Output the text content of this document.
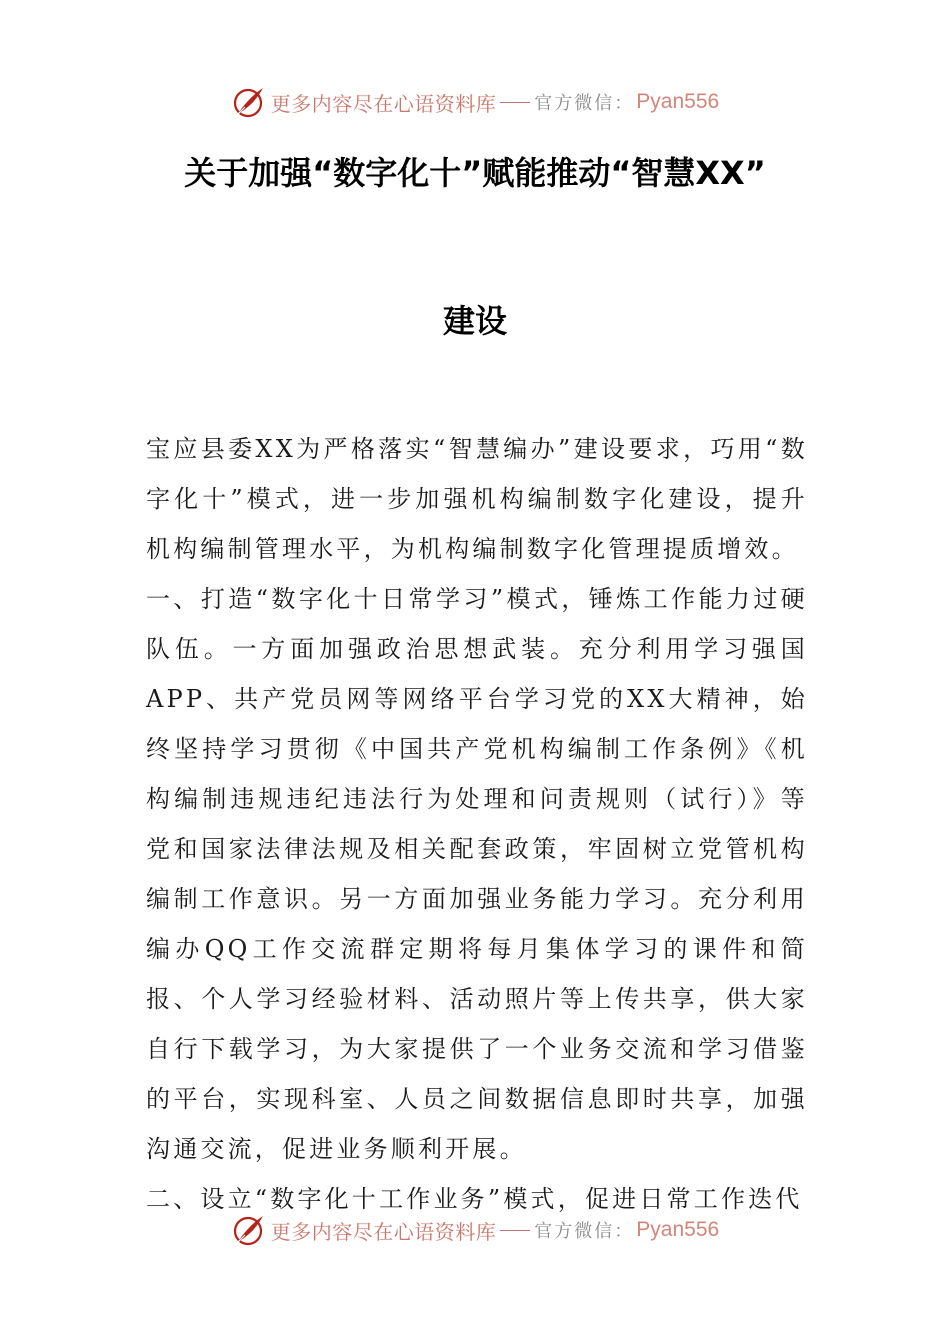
更多内容尽在心语资料库 官方微信： Pyan556
关于加强“数字化十”赋能推动“智慧XX”
建设

宝应县委XX为严格落实“智慧编办”建设要求，巧用“数字化十”模式，进一步加强机构编制数字化建设，提升机构编制管理水平，为机构编制数字化管理提质增效。

一、打造“数字化十日常学习”模式，锤炼工作能力过硬队伍。一方面加强政治思想武装。充分利用学习强国APP、共产党员网等网络平台学习党的XX大精神，始终坚持学习贯彻《中国共产党机构编制工作条例》《机构编制违规违纪违法行为处理和问责规则（试行）》等党和国家法律法规及相关配套政策，牢固树立党管机构编制工作意识。另一方面加强业务能力学习。充分利用编办QQ工作交流群定期将每月集体学习的课件和简报、个人学习经验材料、活动照片等上传共享，供大家自行下载学习，为大家提供了一个业务交流和学习借鉴的平台，实现科室、人员之间数据信息即时共享，加强沟通交流，促进业务顺利开展。

二、设立“数字化十工作业务”模式，促进日常工作迭代

更多内容尽在心语资料库 官方微信： Pyan556
